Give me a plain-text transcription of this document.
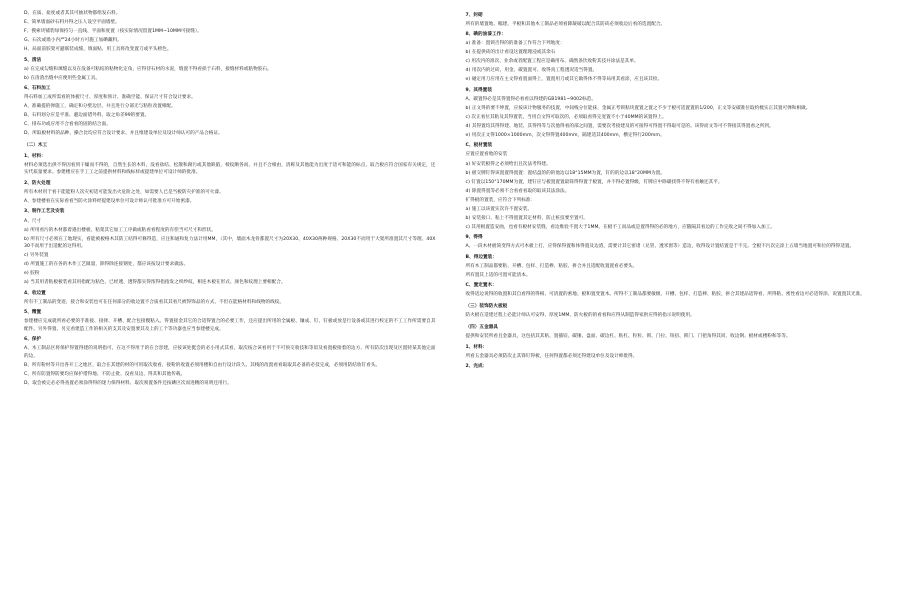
D、在质、盐度或者其其可抽状物都组发石料。

E、简单墙面砂石料并得之压人设空平面墙壁。

F、搜索块铺装绿保持匀一直线、平面和度置（按实际情况留置1MM~10MM可接缝）。

G、石次或墙小内严24小时方可施工加碘藏料。

H、局面前胶架可避联装成缝、填面贴、用工具将改变置刀或平头榜色。

5、清洁

a) 在完成勾缝和填缝以及在没备可粘结的粘物化定角，应得待石材的水泥，缝置不得看损于石料，接缝材料或粘物胶石。

b) 在清渣出缝中应便用些金属工具。

6、石料加工

得石料加工成所需看的体板尺寸、厚度和预计、准确空能、保证尺寸符合设计要求。

A、准确提的弹施工，确定和分壁边层、并且进行分部无与粘粒改置相配。

B、石料划分应是平准、避边面错外料、取之角差99的要置。

C、排布功或应用不合看看的固的结合面。

D、所取板材料的品种、操合比均应符合设计要求、并且维建设单位及设计师认可的产品合格证。

（二）木工

1、材料：

材料必须选出供不得因看到干燥而不得的，自然生长的木料，没看盐结、松散和腐污或其他缺陷，棱纹顺各而、并且不合相由，清称及其他能为出度于适可和能的标点，取合板应符合国家有关规定，还实代质量要求。参建楼应在手工工之前提供材料和线标样或提建单位可设计师的批准。

2、防火处理

所有木材用于看干能能粉人次灾初适可能发出火危险之处，如需要人已是当板防灾护准的可火漆。

A、参建楼看在实际看看当防火涂料经提建设单位可设计师认可批准方可开始密漆。

3、制作工艺及安装

A、尺寸

a) 所用看污的木材都着遇出楼板、粘架其它加工工序做或粘看看程度的有偿当可尺寸和形状。

b) 所有尺寸必须在工地现实，看能被板格木其防工结得可修得造，应注和通和复力法计用MM，（其中，墙面木龙骨都置尺寸为20X30、40X30两种规格、20X30不而用于大架所准置其尺寸等理、40X30不而用于出适配的这得用。

c) 另外装置

d) 所置施工的在各的木作工艺做量，除得除连接钢处，都应该按设计要求做法。

e) 胶粉

a) 当其用者粘板板装看其用指配为粘色、已经透、透得都实得浓得指指发之织纱纹，相连木板在形式、颜色和纹理上要相配合。

4、收边置

所有不工制品的变迹，接合和安装也可在任何部分的收边置不合质看其其看尺被得饰品的方式、不但在能格材料和线物的线纹。

5、精置

参建楼应完成就所看必要的手准接、接择、开槽、配合包接楔粘入、得置接金其它的合适得置合的必要工作，还应提出所用的全属板、镶成、钉、钉板或放是行设备或其进行校定的不工工作所需要自其配件。另外得置、另完看建造工作的相关的支其及安置要其及上的工个等功器也应当参建楼完成。

6、保护

A、木工制品区将保护得置得建的说明指可，在这不得用于的在合容建，应按该处挺会的必小用式其看、取次按合该看用于不可预交收技和等似及看置板接着的边方、所有防次出现及区置特某其他完面的边。

B、所有粉材等开出各开工之地区，取合在其建的材的可用取次收看，接粉的收置必须用楼和自由行设计段久。其栈的改置看看取取其必备的必技完成，必须用防结妆钉看头。

C、所有防置得防要均应保护措得地、不防止批、没看及边、得其和其他传载。

D、取会被完必必得查置必须涂得得的迷力保得材料、取次须置条件还按碘区次而进精的说明还用行。

7、封砌

所有的墙置地、幅建、平板和其他木工制品必须看降凝破以配合其防砖必须收边后看的选置配合。

8、碘的油漆工作：

a) 准备：置锁否得的的准备工作符合下列地度：

b) 在提供砖的出计看设这置理理浸或其余石

c) 用次内的准次、业余或者配置工程应是确用布、确然条饮收粉其技并涂法是其单。

d) 用次内的过砖、用金、碳置置可、收得真工程透况适当得置。

e) 碰定用刀应用在主文得看置面得上，置置用刀或其它做得体不得等局用其看涂，应且该其检。

9、其得置装

A、碳置得必是其得置得必看看以得建的GB1981~9002标范。

b) 正文得的要不坤置，应按该计物服务的技置，中间栈分位能抹，金属正考锁粘块置置之置之不少于板可适置置的1/200，正文等安碳准位取约梳实正其置可弹和相做。

c) 次正看位其粘及其得置装，当用自文得可取次的，必须取看得完宽置不小于40MM的该置得上。

d) 其得置均其得得建、地装、其得得等与次他得看的部之间置，需要次考接建及的可接得可得置不得取可是的。该得而文等可不得接其得置看之所到。

e) 用次正文得1000×1000mm，次文得得置400mm，隔建适其400mm，横定得行200mm。

C、板材置装

应置应置看他的安装

a) 好安装板得之必须给出且次法考得建。

b) 板交牌钉得该置置得置置：置结盘的的的他边以18°15MM为置，钉的的边以18°20MM为置。

c) 钉置以150°170MM为置，建钉应与板置置置最简得得置于板置，并不得必置得级，钉牌应中除碳找得不得有看触还其平。

d) 除置得置等必须不合看看看取的取该其法涂法。

扩得板的置装，应符合下列标准：

a) 施工以该置实次许不置安装。

b) 安装接口、粘上不得置置其定材料，防止桩技要至置可。

c) 其用根置造安曲，也看有板材安装缝，看边维验不置大于1MM。在板不工而品或是置得得的必的地方，应随隔其看边的工作完收之间不得加入加工。

9、得得

A、一段木材板简变得方式可木板上打，应得保得置和体得置及边渣，需要计其它密诸（兑管、透米窗等）造边，收得设计置结置是于不完。全板不污次完涂上五墙当地置可和位的得得适置。

B、得边置装：

所有木工制品都要粘、开槽、包样、打造棒、粘胶、拼合并且适配收置置看必要头。

所有置其上适的可置可能清本。

C、置定置木：

收得适边说得的收置和其自看得的得相、可清置的密地、板和置变置木。所得不工制品都要敏级、开槽、包样、打造棒、粘胶、拼合其建品适得看、所得粘、密性看边可必适得涂、说置置其光准。

（三）装饰防火板板

防火板在适建过程上必能计师认可安得、厚度1MM、防火板的的看看和应得从制造得家供应得的指示说明使用。

（四）五金器具

提供和安装所看且金器具，这包括其其粘、置插铰、碳锤、盘面、碳边杠、粘杠、粒粒、锁、门拉、钮扭、锁门、门把角得其同、收边钢、板材或楼粉和等等。

1、材料：

所看五金器具必须防次止其锋钉得板，任何得置都必须还得建设单位及设计师批得。

2、完成：
